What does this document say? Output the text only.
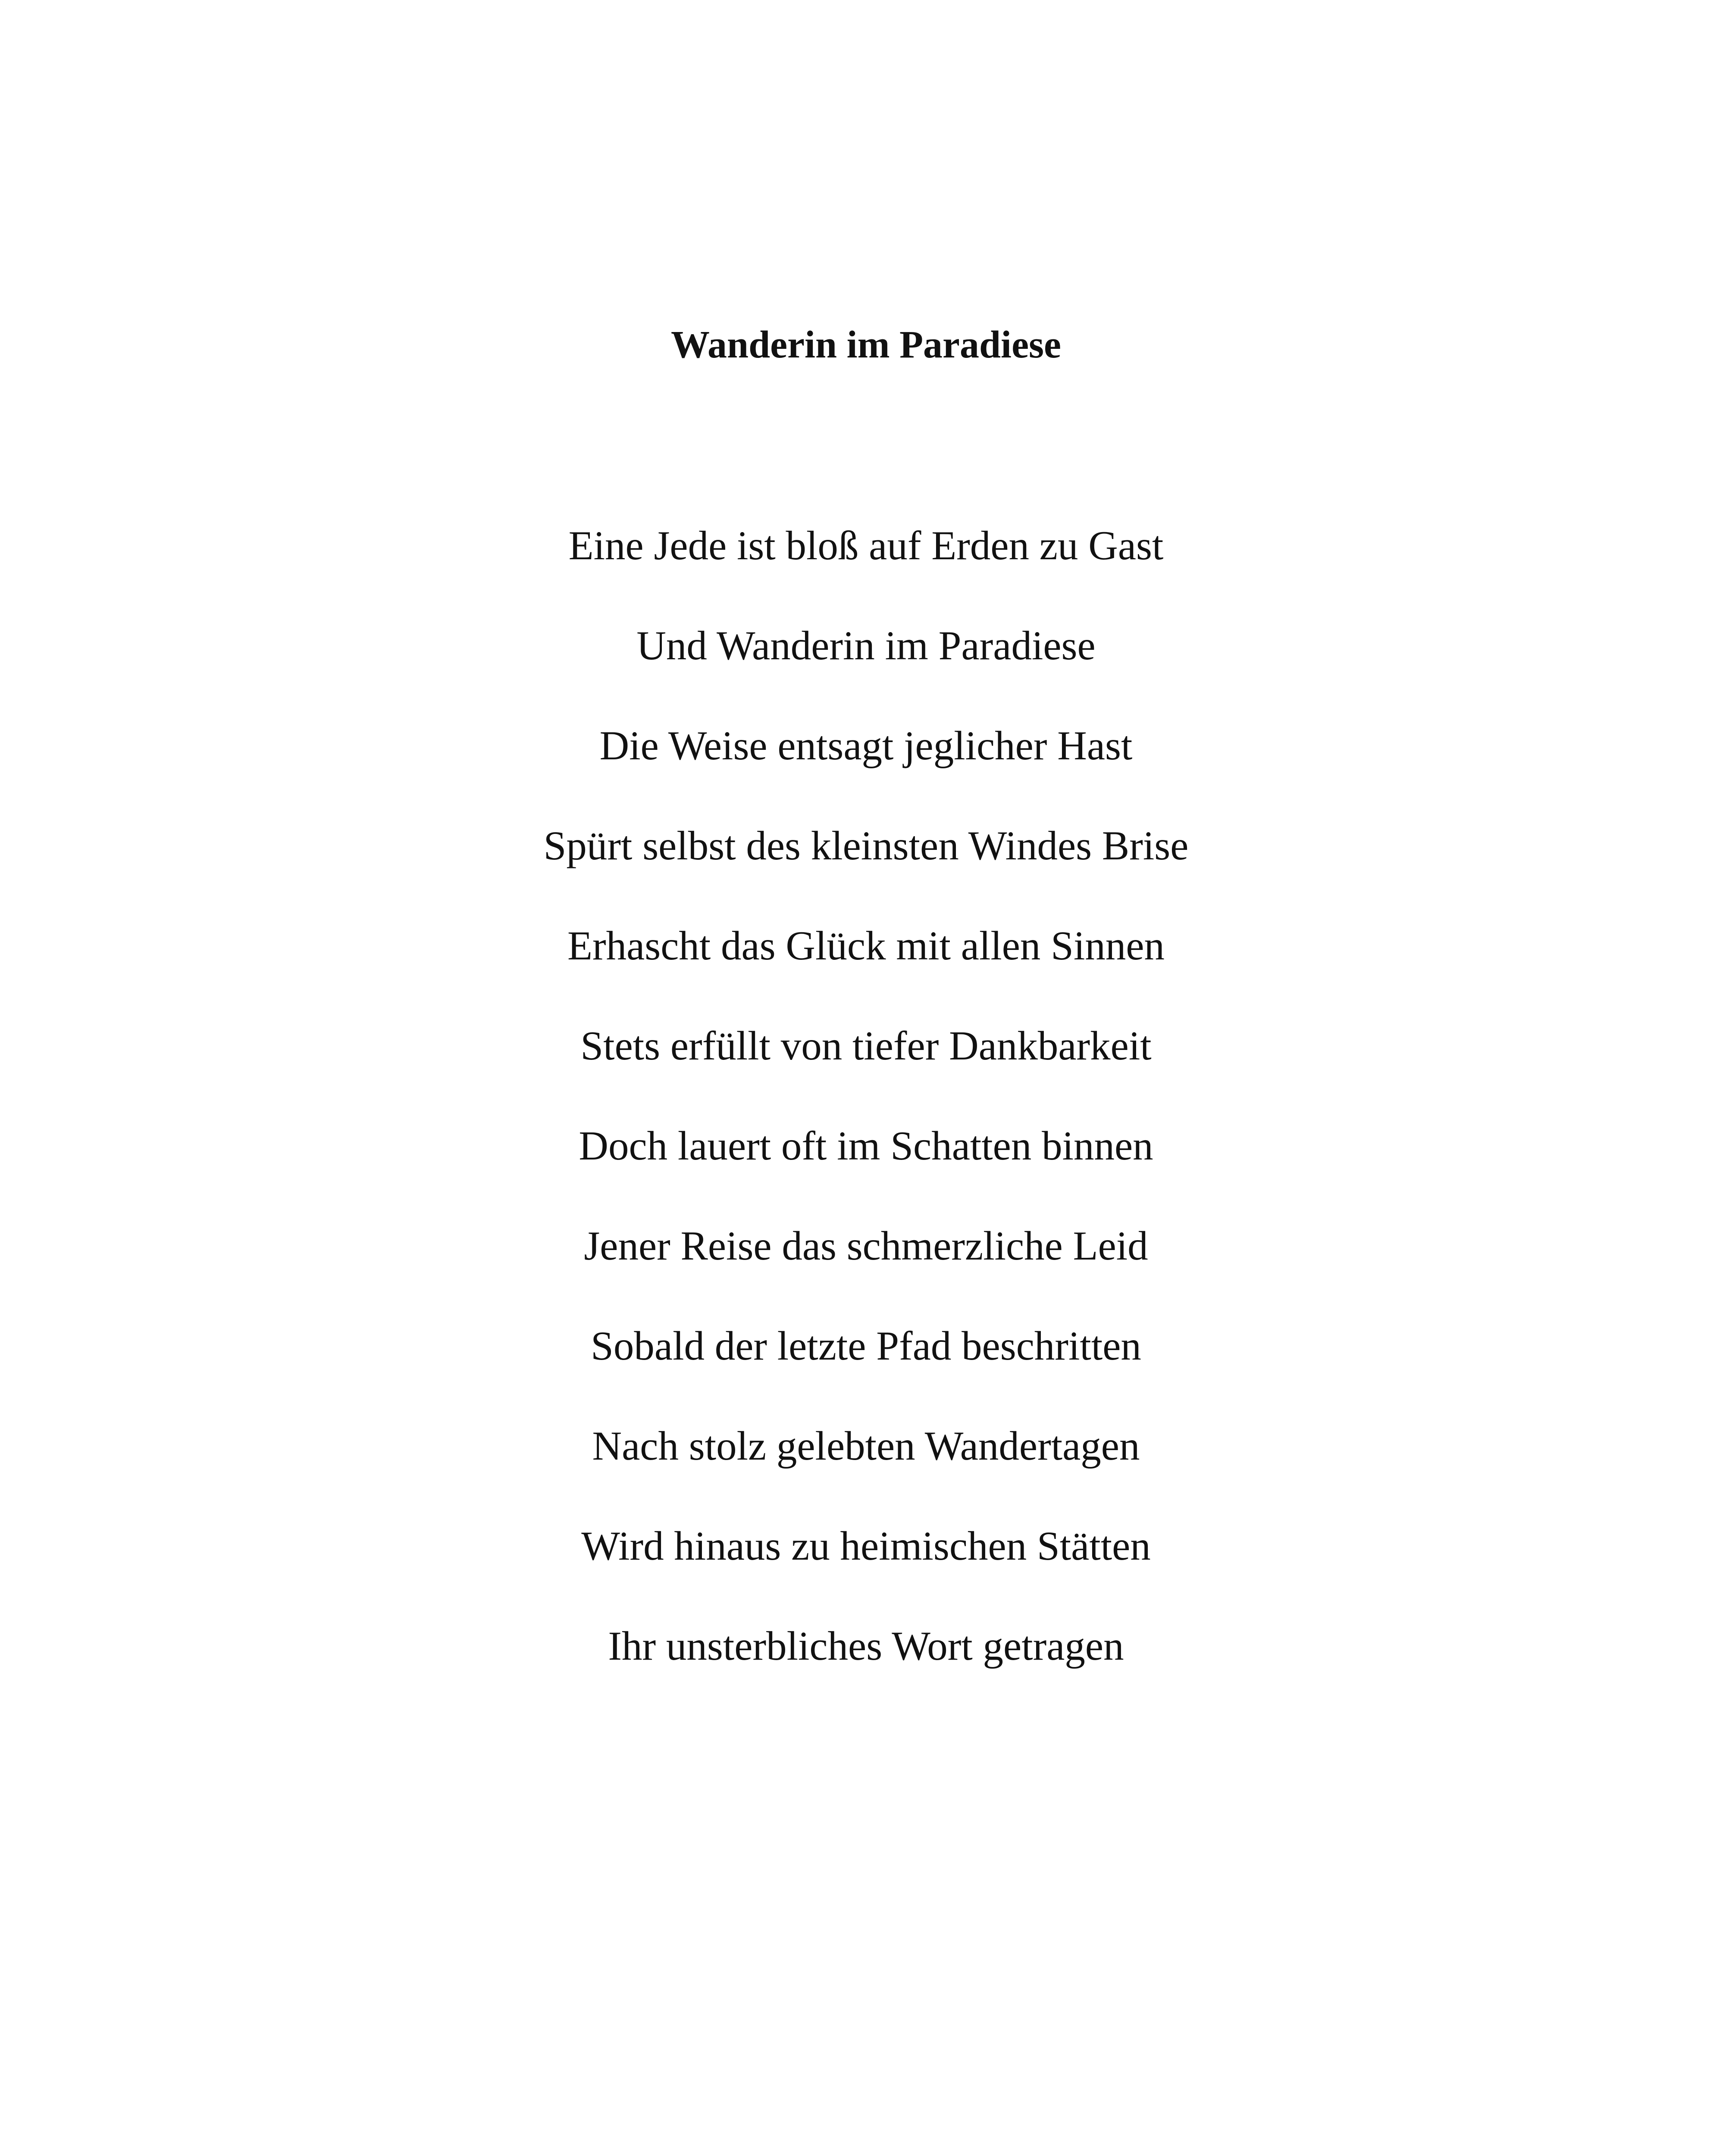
Wanderin im Paradiese
Eine Jede ist bloß auf Erden zu Gast
Und Wanderin im Paradiese
Die Weise entsagt jeglicher Hast
Spürt selbst des kleinsten Windes Brise
Erhascht das Glück mit allen Sinnen
Stets erfüllt von tiefer Dankbarkeit
Doch lauert oft im Schatten binnen
Jener Reise das schmerzliche Leid
Sobald der letzte Pfad beschritten
Nach stolz gelebten Wandertagen
Wird hinaus zu heimischen Stätten
Ihr unsterbliches Wort getragen
